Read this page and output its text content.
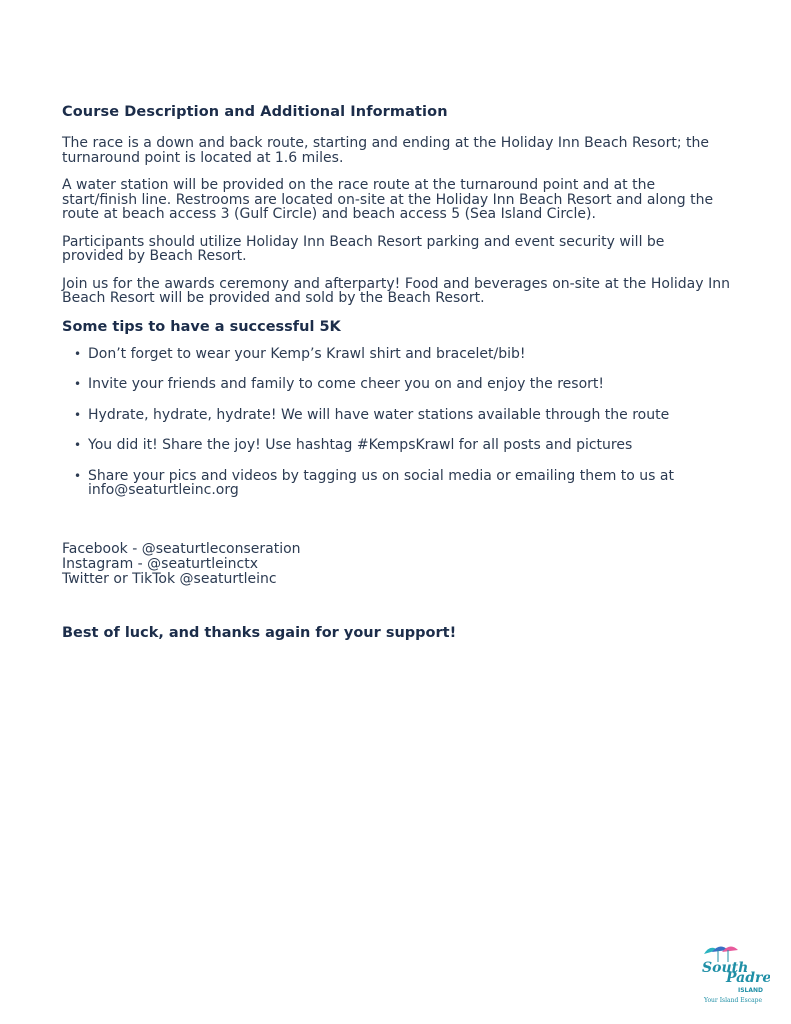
Course Description and Additional Information

The race is a down and back route, starting and ending at the Holiday Inn Beach Resort; the turnaround point is located at 1.6 miles.

A water station will be provided on the race route at the turnaround point and at the start/finish line. Restrooms are located on-site at the Holiday Inn Beach Resort and along the route at beach access 3 (Gulf Circle) and beach access 5 (Sea Island Circle).

Participants should utilize Holiday Inn Beach Resort parking and event security will be provided by Beach Resort.

Join us for the awards ceremony and afterparty! Food and beverages on-site at the Holiday Inn Beach Resort will be provided and sold by the Beach Resort.

Some tips to have a successful 5K
• Don’t forget to wear your Kemp’s Krawl shirt and bracelet/bib!
• Invite your friends and family to come cheer you on and enjoy the resort!
• Hydrate, hydrate, hydrate! We will have water stations available through the route
• You did it! Share the joy! Use hashtag #KempsKrawl for all posts and pictures
• Share your pics and videos by tagging us on social media or emailing them to us at info@seaturtleinc.org
Facebook - @seaturtleconseration
Instagram - @seaturtleinctx
Twitter or TikTok @seaturtleinc
Best of luck, and thanks again for your support!
South
Padre
ISLAND
Your Island Escape
